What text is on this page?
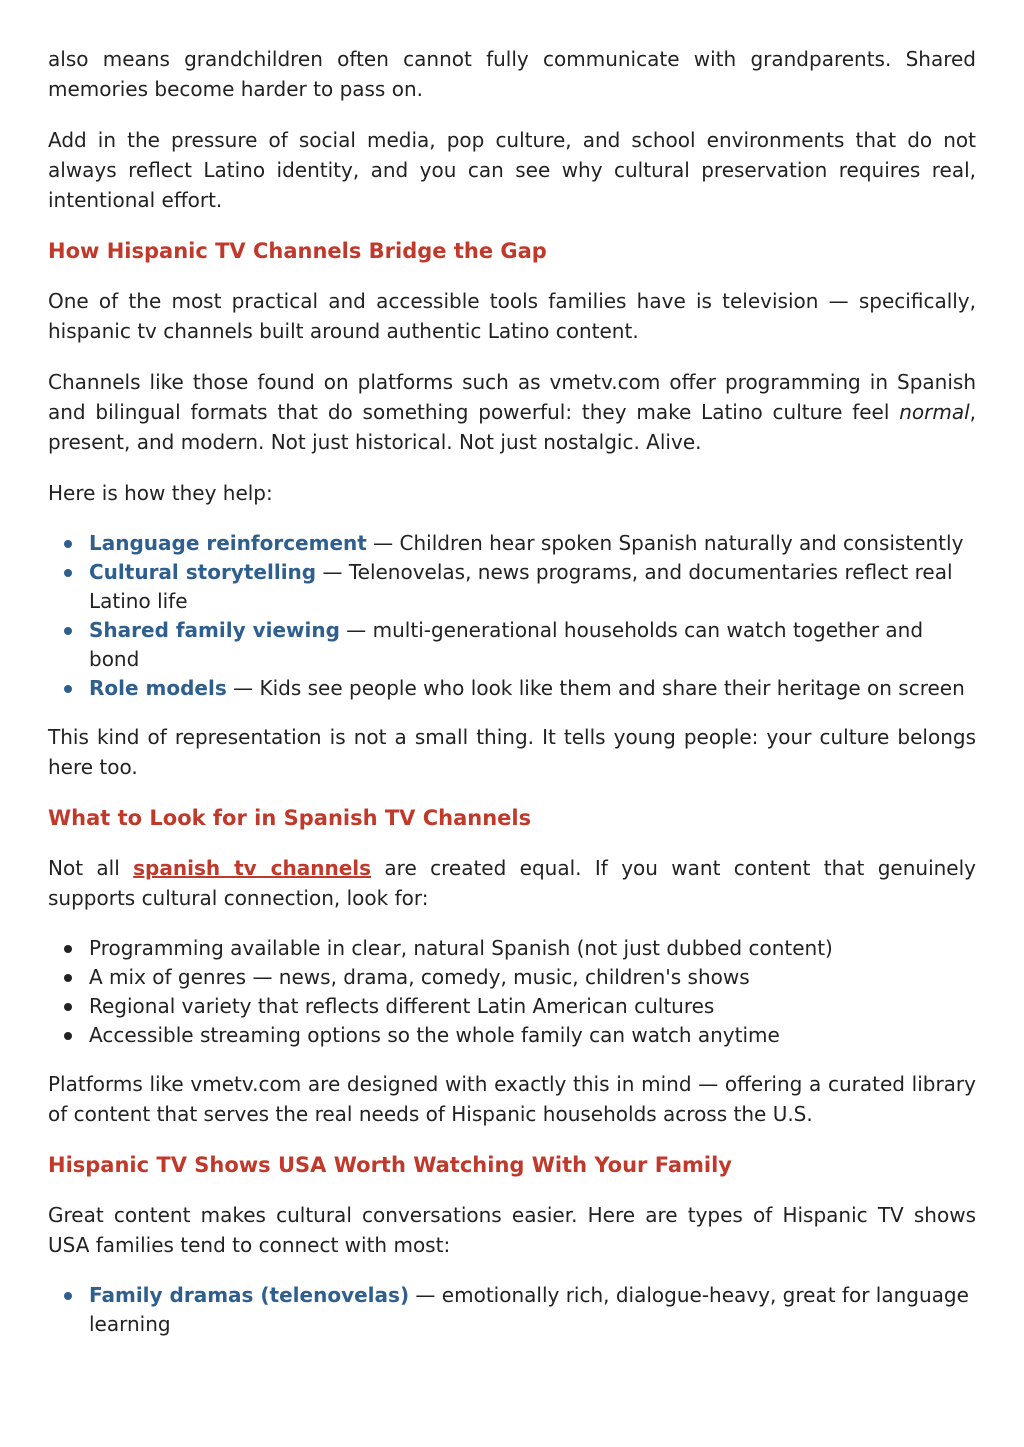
also means grandchildren often cannot fully communicate with grandparents. Shared memories become harder to pass on.

Add in the pressure of social media, pop culture, and school environments that do not always reflect Latino identity, and you can see why cultural preservation requires real, intentional effort.

How Hispanic TV Channels Bridge the Gap

One of the most practical and accessible tools families have is television — specifically, hispanic tv channels built around authentic Latino content.

Channels like those found on platforms such as vmetv.com offer programming in Spanish and bilingual formats that do something powerful: they make Latino culture feel normal, present, and modern. Not just historical. Not just nostalgic. Alive.

Here is how they help:

Language reinforcement — Children hear spoken Spanish naturally and consistently
Cultural storytelling — Telenovelas, news programs, and documentaries reflect real Latino life
Shared family viewing — multi-generational households can watch together and bond
Role models — Kids see people who look like them and share their heritage on screen

This kind of representation is not a small thing. It tells young people: your culture belongs here too.

What to Look for in Spanish TV Channels

Not all spanish tv channels are created equal. If you want content that genuinely supports cultural connection, look for:

Programming available in clear, natural Spanish (not just dubbed content)
A mix of genres — news, drama, comedy, music, children's shows
Regional variety that reflects different Latin American cultures
Accessible streaming options so the whole family can watch anytime

Platforms like vmetv.com are designed with exactly this in mind — offering a curated library of content that serves the real needs of Hispanic households across the U.S.

Hispanic TV Shows USA Worth Watching With Your Family

Great content makes cultural conversations easier. Here are types of Hispanic TV shows USA families tend to connect with most:

Family dramas (telenovelas) — emotionally rich, dialogue-heavy, great for language learning
